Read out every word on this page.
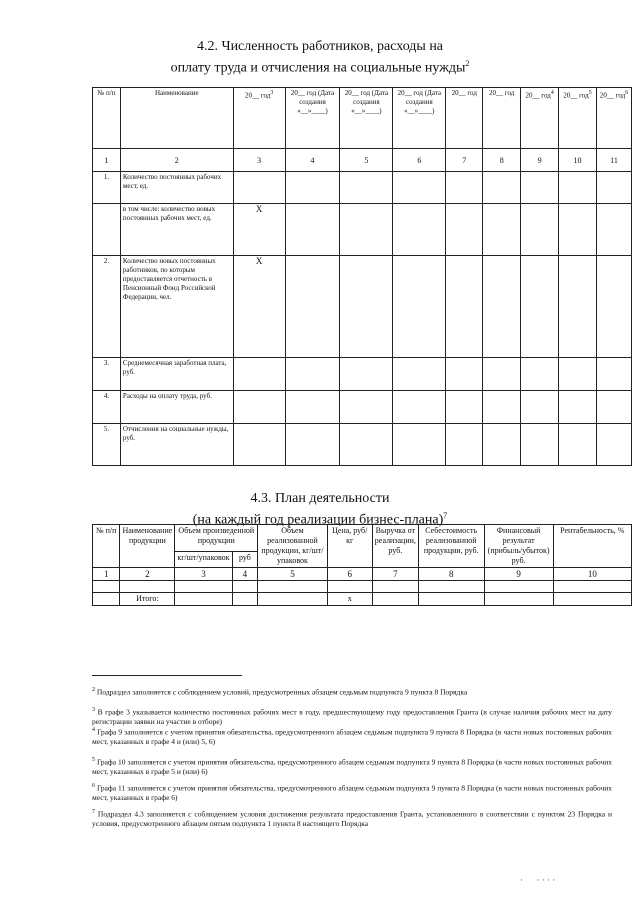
4.2. Численность работников, расходы на
оплату труда и отчисления на социальные нужды$^2$
№ п/п	Наименование	20__ год$^3$	20__ год (Дата создания «__»____)	20__ год (Дата создания «__»____)	20__ год (Дата создания «__»____)	20__ год	20__ год	20__ год$^4$	20__ год$^5$	20__ год$^6$
1	2	3	4	5	6	7	8	9	10	11
1.	Количество постоянных рабочих мест, ед.									
	в том числе: количество новых постоянных рабочих мест, ед.	X								
2.	Количество новых постоянных работников, по которым предоставляется отчетность в Пенсионный Фонд Российской Федерации, чел.	X								
3.	Среднемесячная заработная плата, руб.									
4.	Расходы на оплату труда, руб.									
5.	Отчисления на социальные нужды, руб.									
4.3. План деятельности
(на каждый год реализации бизнес-плана)$^7$
№ п/п	Наименование продукции	Объем произведенной продукции		Объем реализованной продукции, кг/шт/упаковок	Цена, руб/кг	Выручка от реализации, руб.	Себестоимость реализованной продукции, руб.	Финансовый результат (прибыль/убыток) руб.	Рентабельность, %
		кг/шт/упаковок	руб						
1	2	3	4	5	6	7	8	9	10

	Итого:				x				
$^2$ Подраздел заполняется с соблюдением условий, предусмотренных абзацем седьмым подпункта 9 пункта 8 Порядка
$^3$ В графе 3 указывается количество постоянных рабочих мест в году, предшествующему году предоставления Гранта (в случае наличия рабочих мест на дату регистрации заявки на участие в отборе)
$^4$ Графа 9 заполняется с учетом принятия обязательства, предусмотренного абзацем седьмым подпункта 9 пункта 8 Порядка (в части новых постоянных рабочих мест, указанных в графе 4 и (или) 5, 6)
$^5$ Графа 10 заполняется с учетом принятия обязательства, предусмотренного абзацем седьмым подпункта 9 пункта 8 Порядка (в части новых постоянных рабочих мест, указанных в графе 5 и (или) 6)
$^6$ Графа 11 заполняется с учетом принятия обязательства, предусмотренного абзацем седьмым подпункта 9 пункта 8 Порядка (в части новых постоянных рабочих мест, указанных в графе 6)
$^7$ Подраздел 4.3 заполняется с соблюдением условия достижения результата предоставления Гранта, установленного в соответствии с пунктом 23 Порядка и условия, предусмотренного абзацем пятым подпункта 1 пункта 8 настоящего Порядка
·      · · · ·
